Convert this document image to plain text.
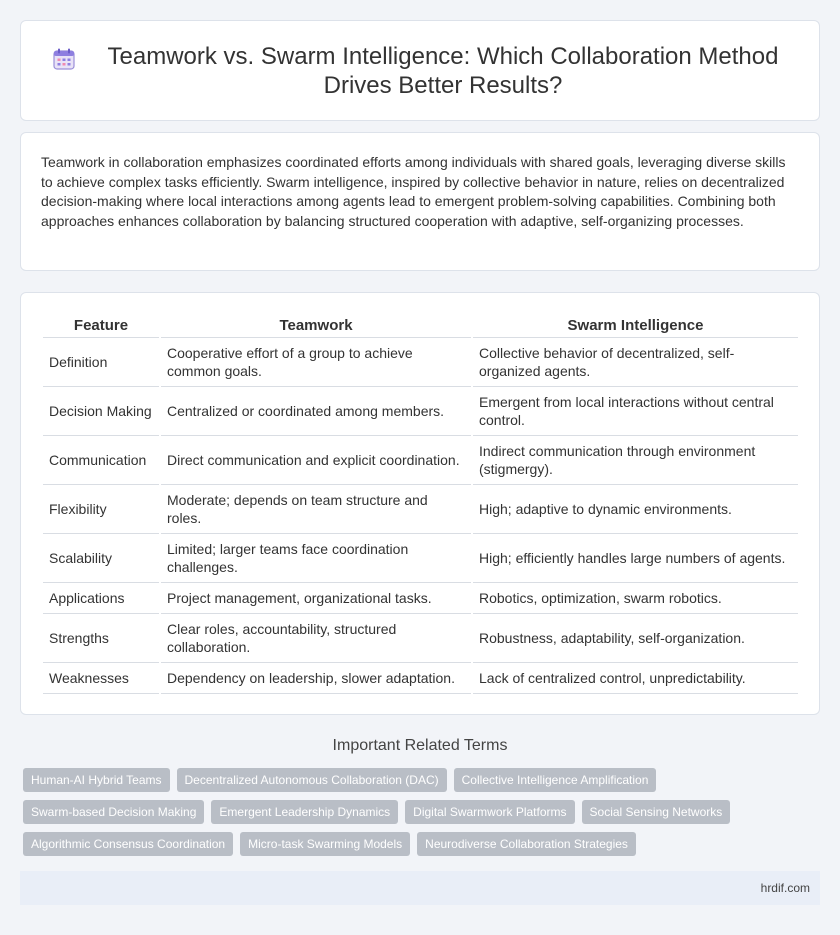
Teamwork vs. Swarm Intelligence: Which Collaboration Method Drives Better Results?

Teamwork in collaboration emphasizes coordinated efforts among individuals with shared goals, leveraging diverse skills to achieve complex tasks efficiently. Swarm intelligence, inspired by collective behavior in nature, relies on decentralized decision-making where local interactions among agents lead to emergent problem-solving capabilities. Combining both approaches enhances collaboration by balancing structured cooperation with adaptive, self-organizing processes.

Feature	Teamwork	Swarm Intelligence
Definition	Cooperative effort of a group to achieve common goals.	Collective behavior of decentralized, self-organized agents.
Decision Making	Centralized or coordinated among members.	Emergent from local interactions without central control.
Communication	Direct communication and explicit coordination.	Indirect communication through environment (stigmergy).
Flexibility	Moderate; depends on team structure and roles.	High; adaptive to dynamic environments.
Scalability	Limited; larger teams face coordination challenges.	High; efficiently handles large numbers of agents.
Applications	Project management, organizational tasks.	Robotics, optimization, swarm robotics.
Strengths	Clear roles, accountability, structured collaboration.	Robustness, adaptability, self-organization.
Weaknesses	Dependency on leadership, slower adaptation.	Lack of centralized control, unpredictability.
Important Related Terms
Human-AI Hybrid Teams	Decentralized Autonomous Collaboration (DAC)	Collective Intelligence Amplification
Swarm-based Decision Making	Emergent Leadership Dynamics	Digital Swarmwork Platforms	Social Sensing Networks
Algorithmic Consensus Coordination	Micro-task Swarming Models	Neurodiverse Collaboration Strategies
hrdif.com
